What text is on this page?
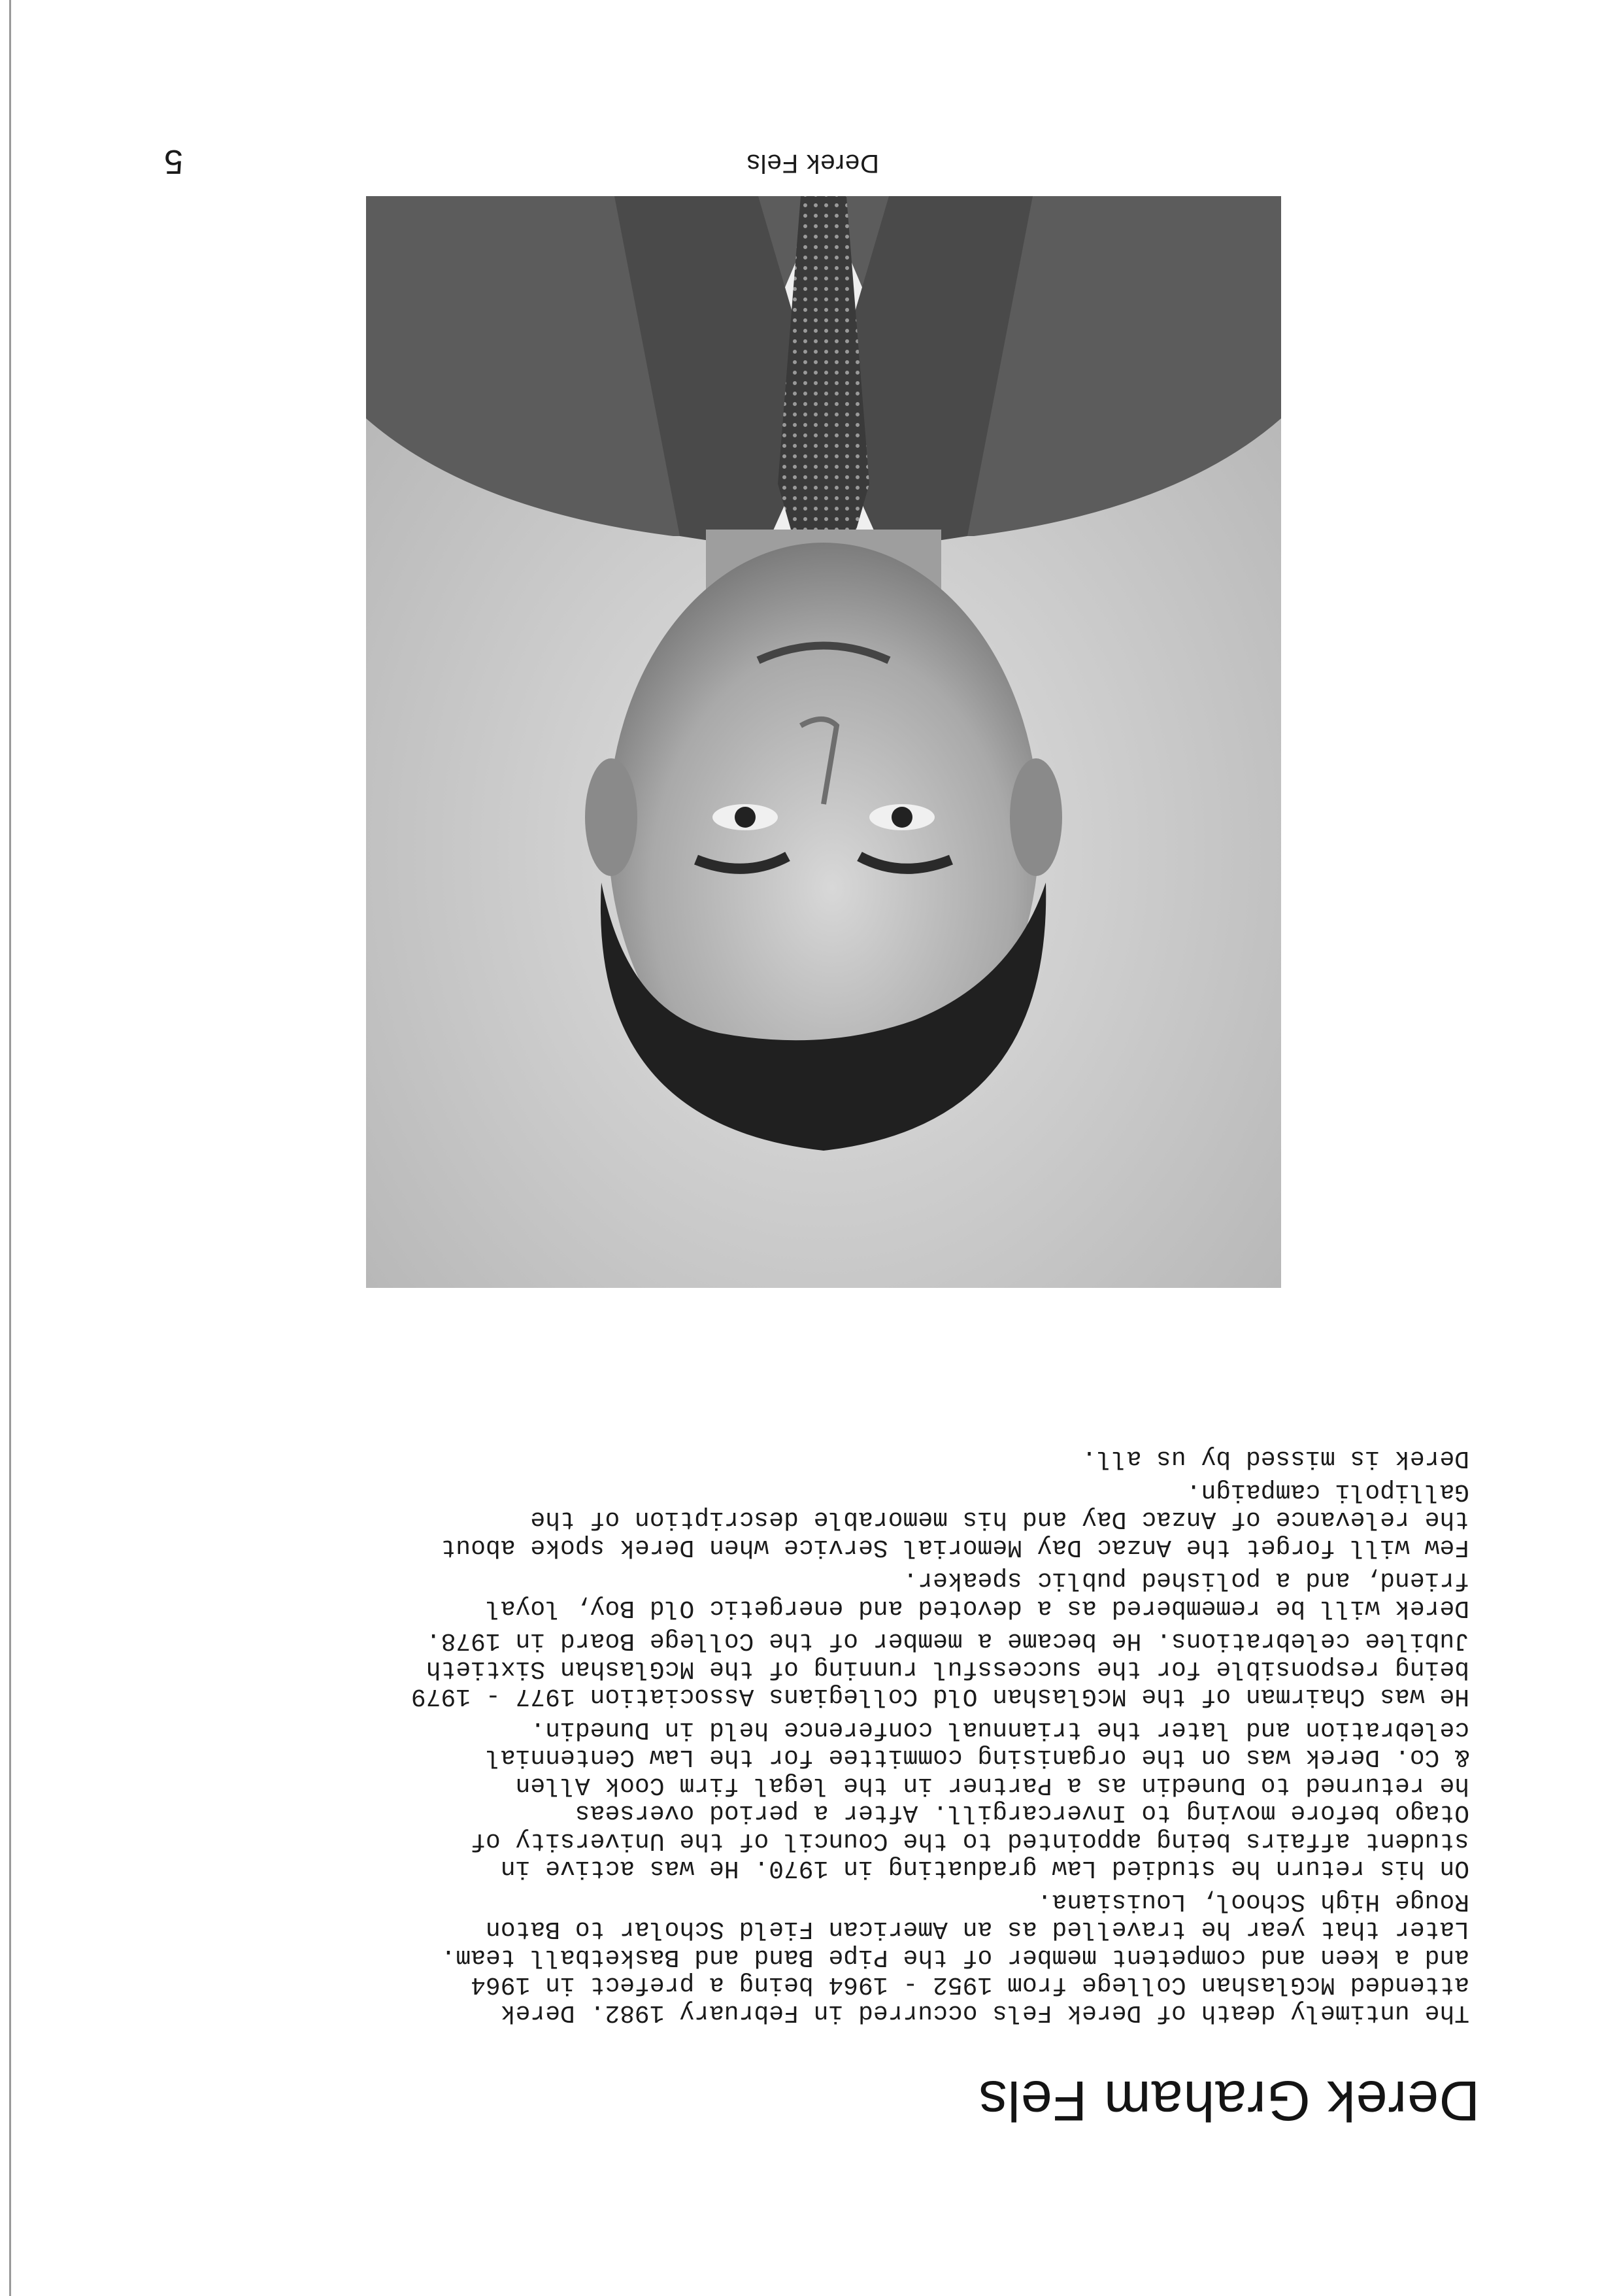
Derek Graham Fels

The untimely death of Derek Fels occurred in February 1982. Derek
attended McGlashan College from 1952 - 1964 being a prefect in 1964
and a keen and competent member of the Pipe Band and Basketball team.
Later that year he travelled as an American Field Scholar to Baton
Rouge High School, Louisiana.

On his return he studied Law graduating in 1970. He was active in
student affairs being appointed to the Council of the University of
Otago before moving to Invercargill. After a period overseas
he returned to Dunedin as a Partner in the legal firm Cook Allen
& Co. Derek was on the organising committee for the Law Centennial
celebration and later the triannual conference held in Dunedin.

He was Chairman of the McGlashan Old Collegians Association 1977 - 1979
being responsible for the successful running of the McGlashan Sixtieth
Jubilee celebrations. He became a member of the College Board in 1978.

Derek will be remembered as a devoted and energetic Old Boy, loyal
friend, and a polished public speaker.

Few will forget the Anzac Day Memorial Service when Derek spoke about
the relevance of Anzac Day and his memorable description of the
Gallipoli campaign.

Derek is missed by us all.

Derek Fels

5
